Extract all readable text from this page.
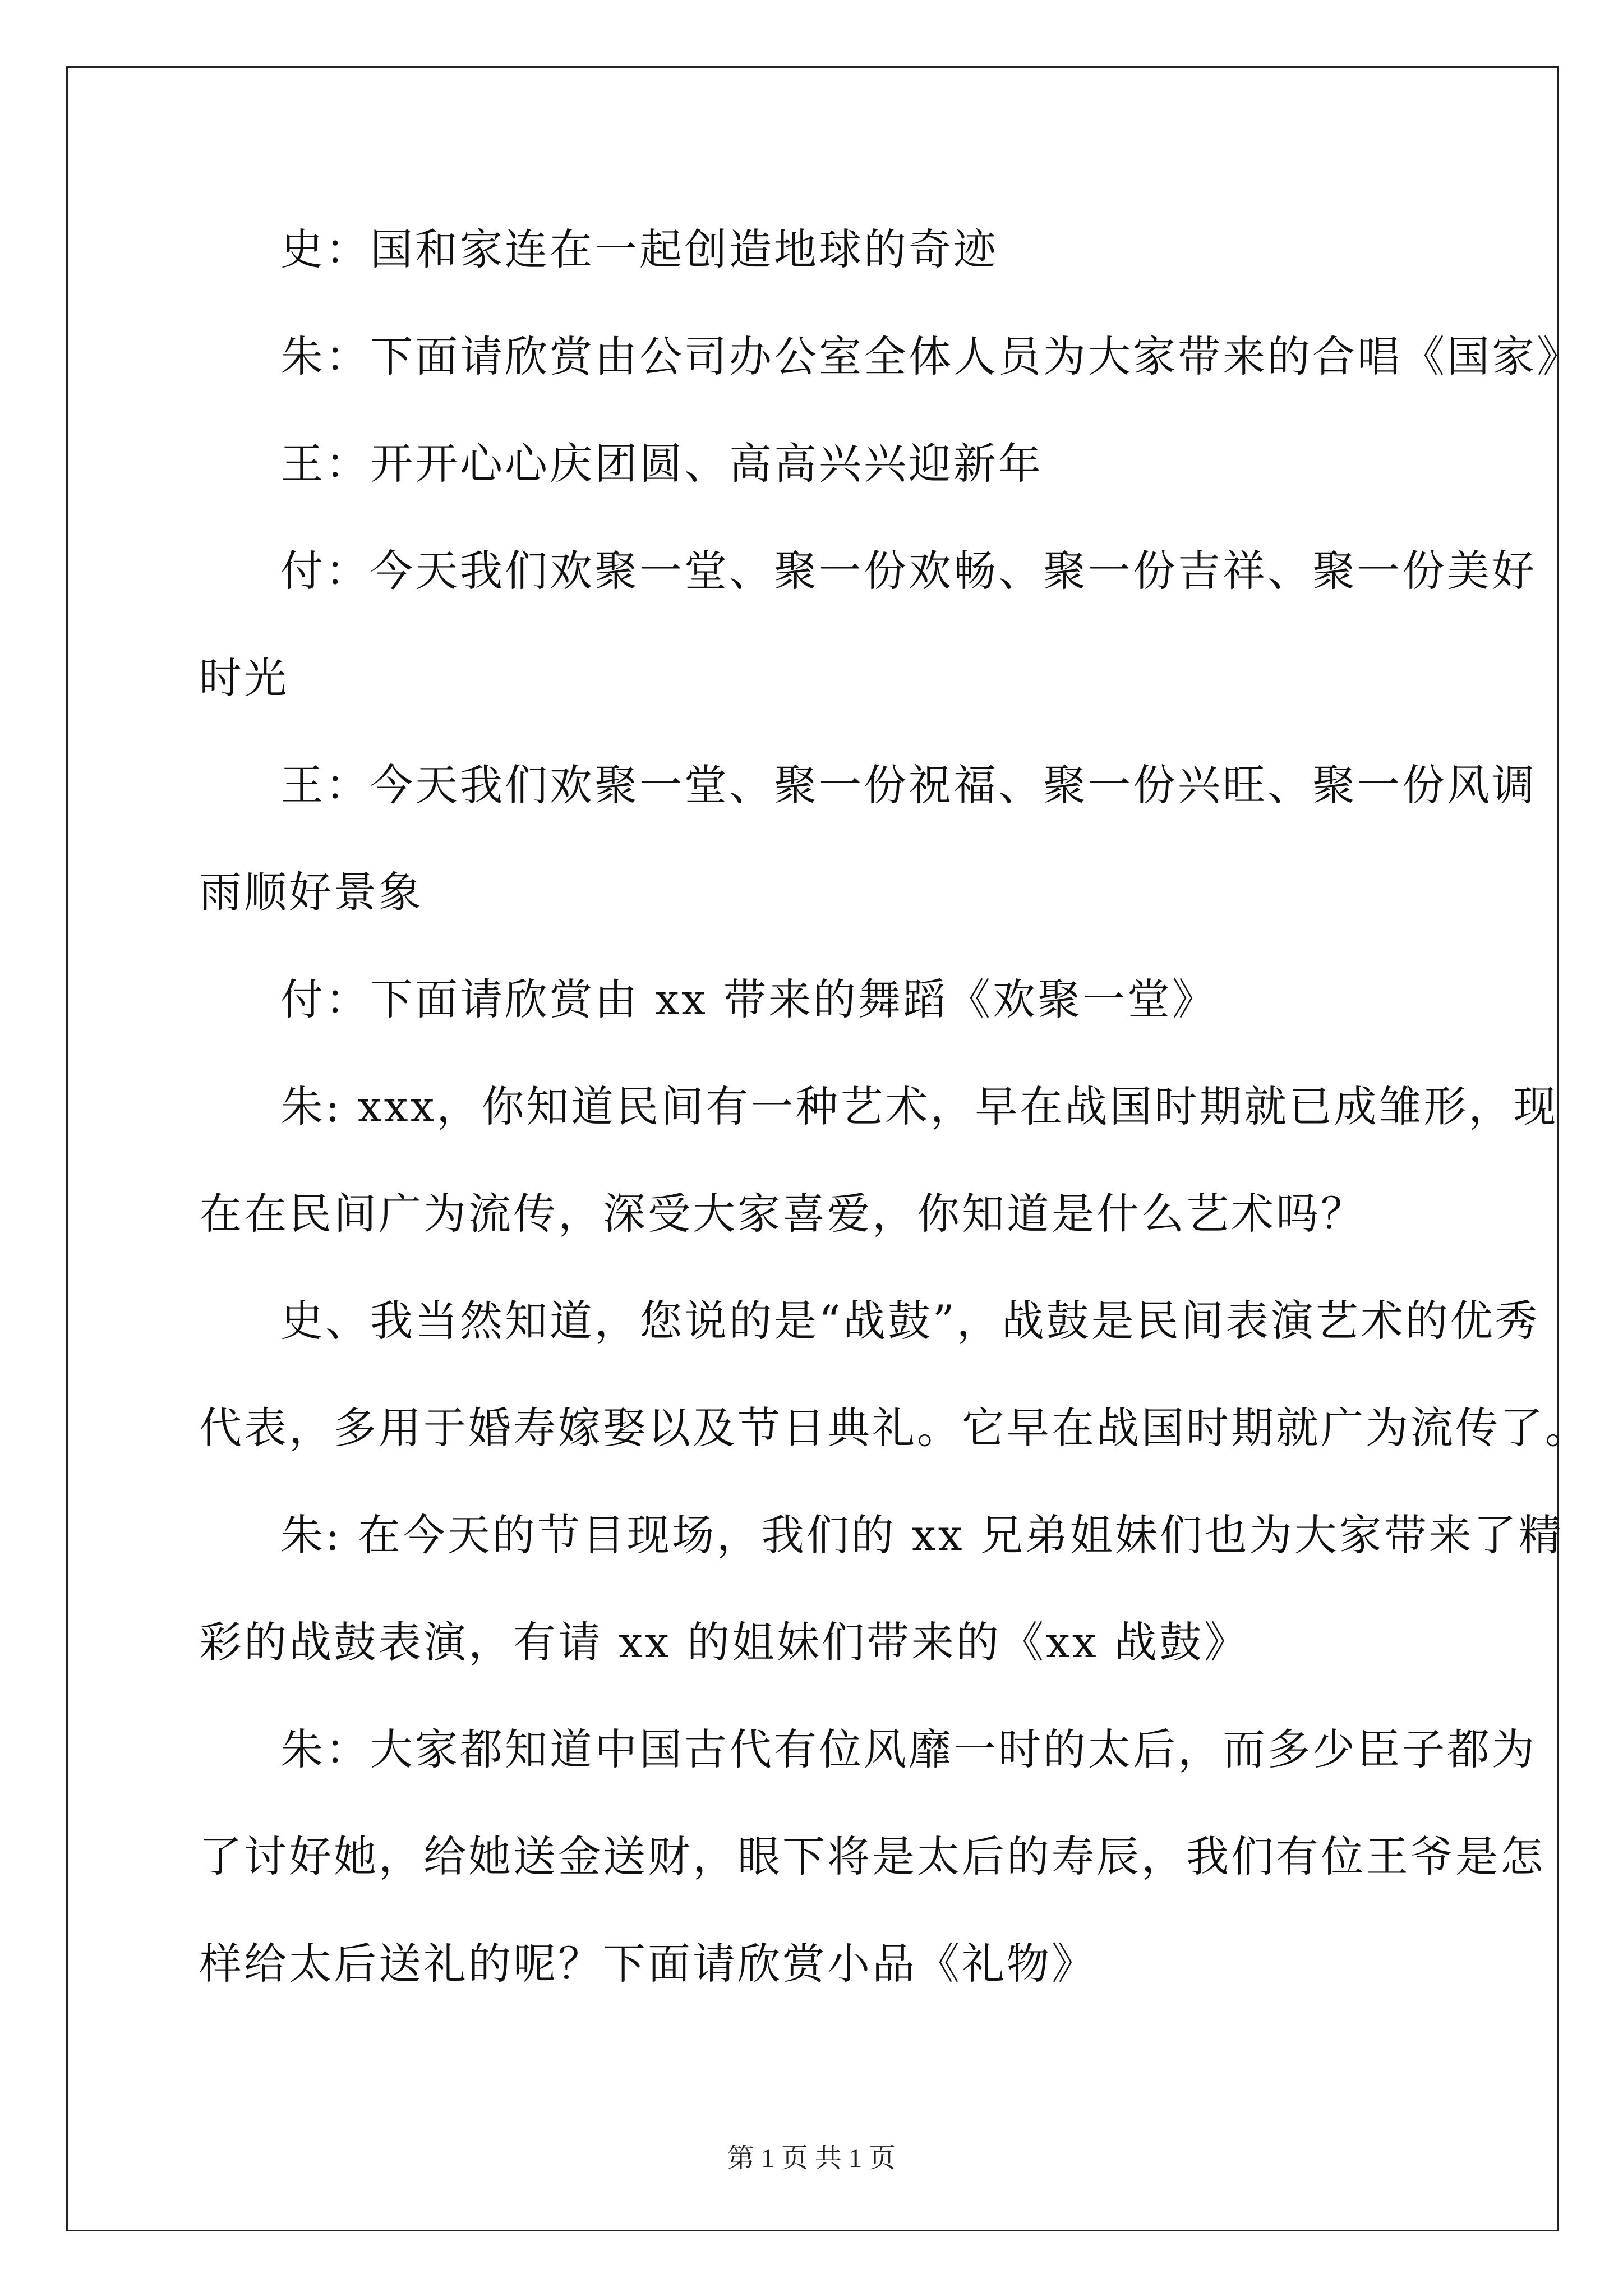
史：国和家连在一起创造地球的奇迹

朱：下面请欣赏由公司办公室全体人员为大家带来的合唱《国家》

王：开开心心庆团圆、高高兴兴迎新年

付：今天我们欢聚一堂、聚一份欢畅、聚一份吉祥、聚一份美好

时光

王：今天我们欢聚一堂、聚一份祝福、聚一份兴旺、聚一份风调

雨顺好景象

付：下面请欣赏由 xx 带来的舞蹈《欢聚一堂》

朱: xxx，你知道民间有一种艺术，早在战国时期就已成雏形，现

在在民间广为流传，深受大家喜爱，你知道是什么艺术吗？

史、我当然知道，您说的是“战鼓”，战鼓是民间表演艺术的优秀

代表，多用于婚寿嫁娶以及节日典礼。它早在战国时期就广为流传了。

朱: 在今天的节目现场，我们的 xx 兄弟姐妹们也为大家带来了精

彩的战鼓表演，有请 xx 的姐妹们带来的《xx 战鼓》

朱：大家都知道中国古代有位风靡一时的太后，而多少臣子都为

了讨好她，给她送金送财，眼下将是太后的寿辰，我们有位王爷是怎

样给太后送礼的呢？下面请欣赏小品《礼物》

第 1 页 共 1 页
